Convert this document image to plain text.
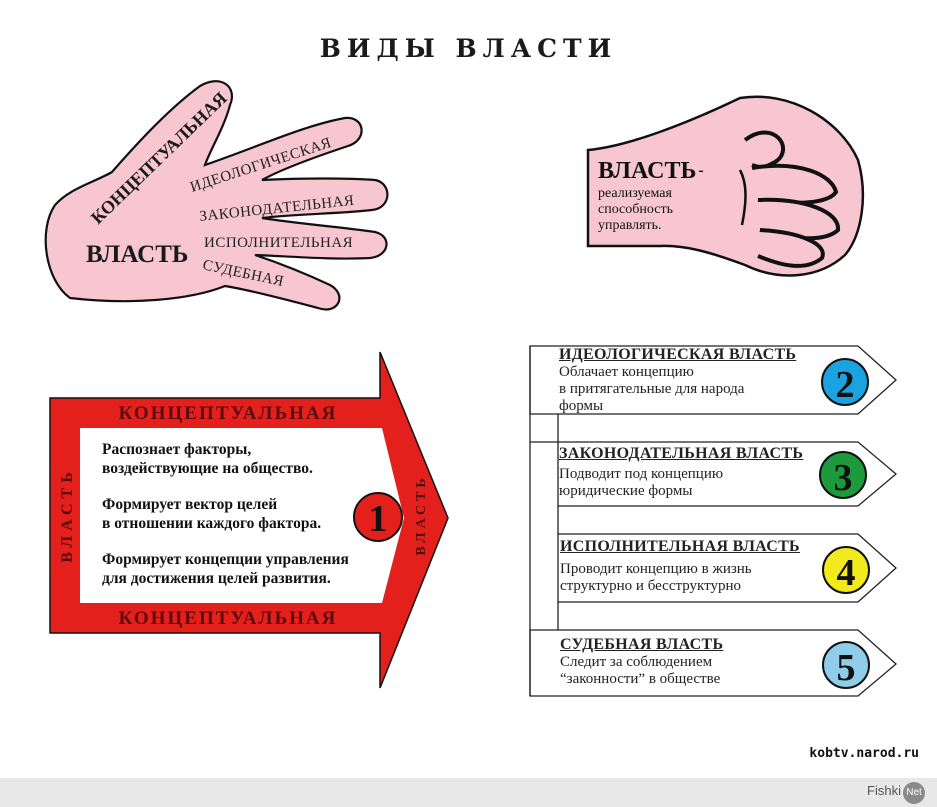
ВИДЫ ВЛАСТИ
КОНЦЕПТУАЛЬНАЯ
ИДЕОЛОГИЧЕСКАЯ
ЗАКОНОДАТЕЛЬНАЯ
ИСПОЛНИТЕЛЬНАЯ
СУДЕБНАЯ
ВЛАСТЬ
КОНЦЕПТУАЛЬНАЯ
КОНЦЕПТУАЛЬНАЯ
ВЛАСТЬ	ВЛАСТЬ
1
2
3
4
5
ВЛАСТЬ -
реализуемая
способность
управлять.

Распознает факторы,
воздействующие на общество.

Формирует вектор целей
в отношении каждого фактора.

Формирует концепции управления
для достижения целей развития.

ИДЕОЛОГИЧЕСКАЯ ВЛАСТЬ
Облачает концепцию
в притягательные для народа
формы
ЗАКОНОДАТЕЛЬНАЯ ВЛАСТЬ
Подводит под концепцию
юридические формы
ИСПОЛНИТЕЛЬНАЯ ВЛАСТЬ
Проводит концепцию в жизнь
структурно и бесструктурно
СУДЕБНАЯ ВЛАСТЬ
Следит за соблюдением
“законности” в обществе
kobtv.narod.ru
Fishki Net
